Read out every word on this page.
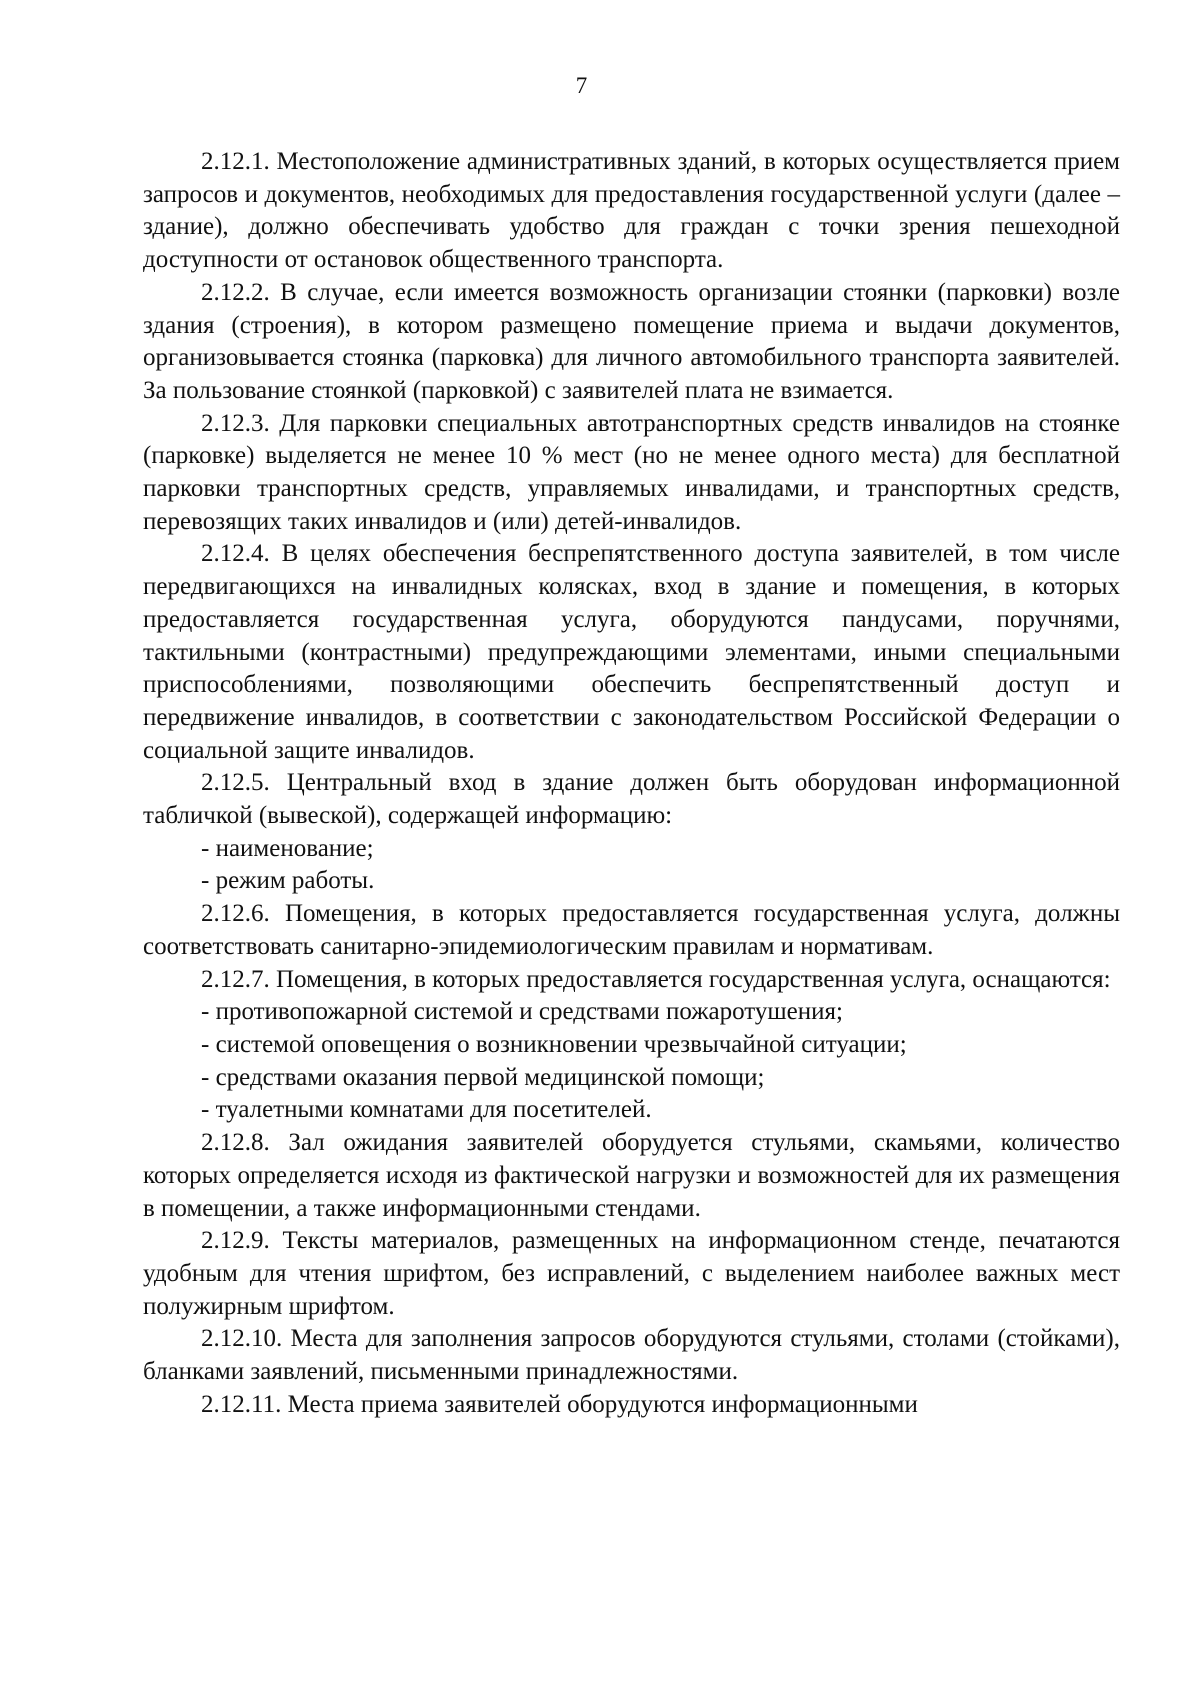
7

2.12.1. Местоположение административных зданий, в которых осуществляется прием запросов и документов, необходимых для предоставления государственной услуги (далее – здание), должно обеспечивать удобство для граждан с точки зрения пешеходной доступности от остановок общественного транспорта.

2.12.2. В случае, если имеется возможность организации стоянки (парковки) возле здания (строения), в котором размещено помещение приема и выдачи документов, организовывается стоянка (парковка) для личного автомобильного транспорта заявителей. За пользование стоянкой (парковкой) с заявителей плата не взимается.

2.12.3. Для парковки специальных автотранспортных средств инвалидов на стоянке (парковке) выделяется не менее 10 % мест (но не менее одного места) для бесплатной парковки транспортных средств, управляемых инвалидами, и транспортных средств, перевозящих таких инвалидов и (или) детей-инвалидов.

2.12.4. В целях обеспечения беспрепятственного доступа заявителей, в том числе передвигающихся на инвалидных колясках, вход в здание и помещения, в которых предоставляется государственная услуга, оборудуются пандусами, поручнями, тактильными (контрастными) предупреждающими элементами, иными специальными приспособлениями, позволяющими обеспечить беспрепятственный доступ и передвижение инвалидов, в соответствии с законодательством Российской Федерации о социальной защите инвалидов.

2.12.5. Центральный вход в здание должен быть оборудован информационной табличкой (вывеской), содержащей информацию:

- наименование;

- режим работы.

2.12.6. Помещения, в которых предоставляется государственная услуга, должны соответствовать санитарно-эпидемиологическим правилам и нормативам.

2.12.7. Помещения, в которых предоставляется государственная услуга, оснащаются:

- противопожарной системой и средствами пожаротушения;

- системой оповещения о возникновении чрезвычайной ситуации;

- средствами оказания первой медицинской помощи;

- туалетными комнатами для посетителей.

2.12.8. Зал ожидания заявителей оборудуется стульями, скамьями, количество которых определяется исходя из фактической нагрузки и возможностей для их размещения в помещении, а также информационными стендами.

2.12.9. Тексты материалов, размещенных на информационном стенде, печатаются удобным для чтения шрифтом, без исправлений, с выделением наиболее важных мест полужирным шрифтом.

2.12.10. Места для заполнения запросов оборудуются стульями, столами (стойками), бланками заявлений, письменными принадлежностями.

2.12.11. Места приема заявителей оборудуются информационными
